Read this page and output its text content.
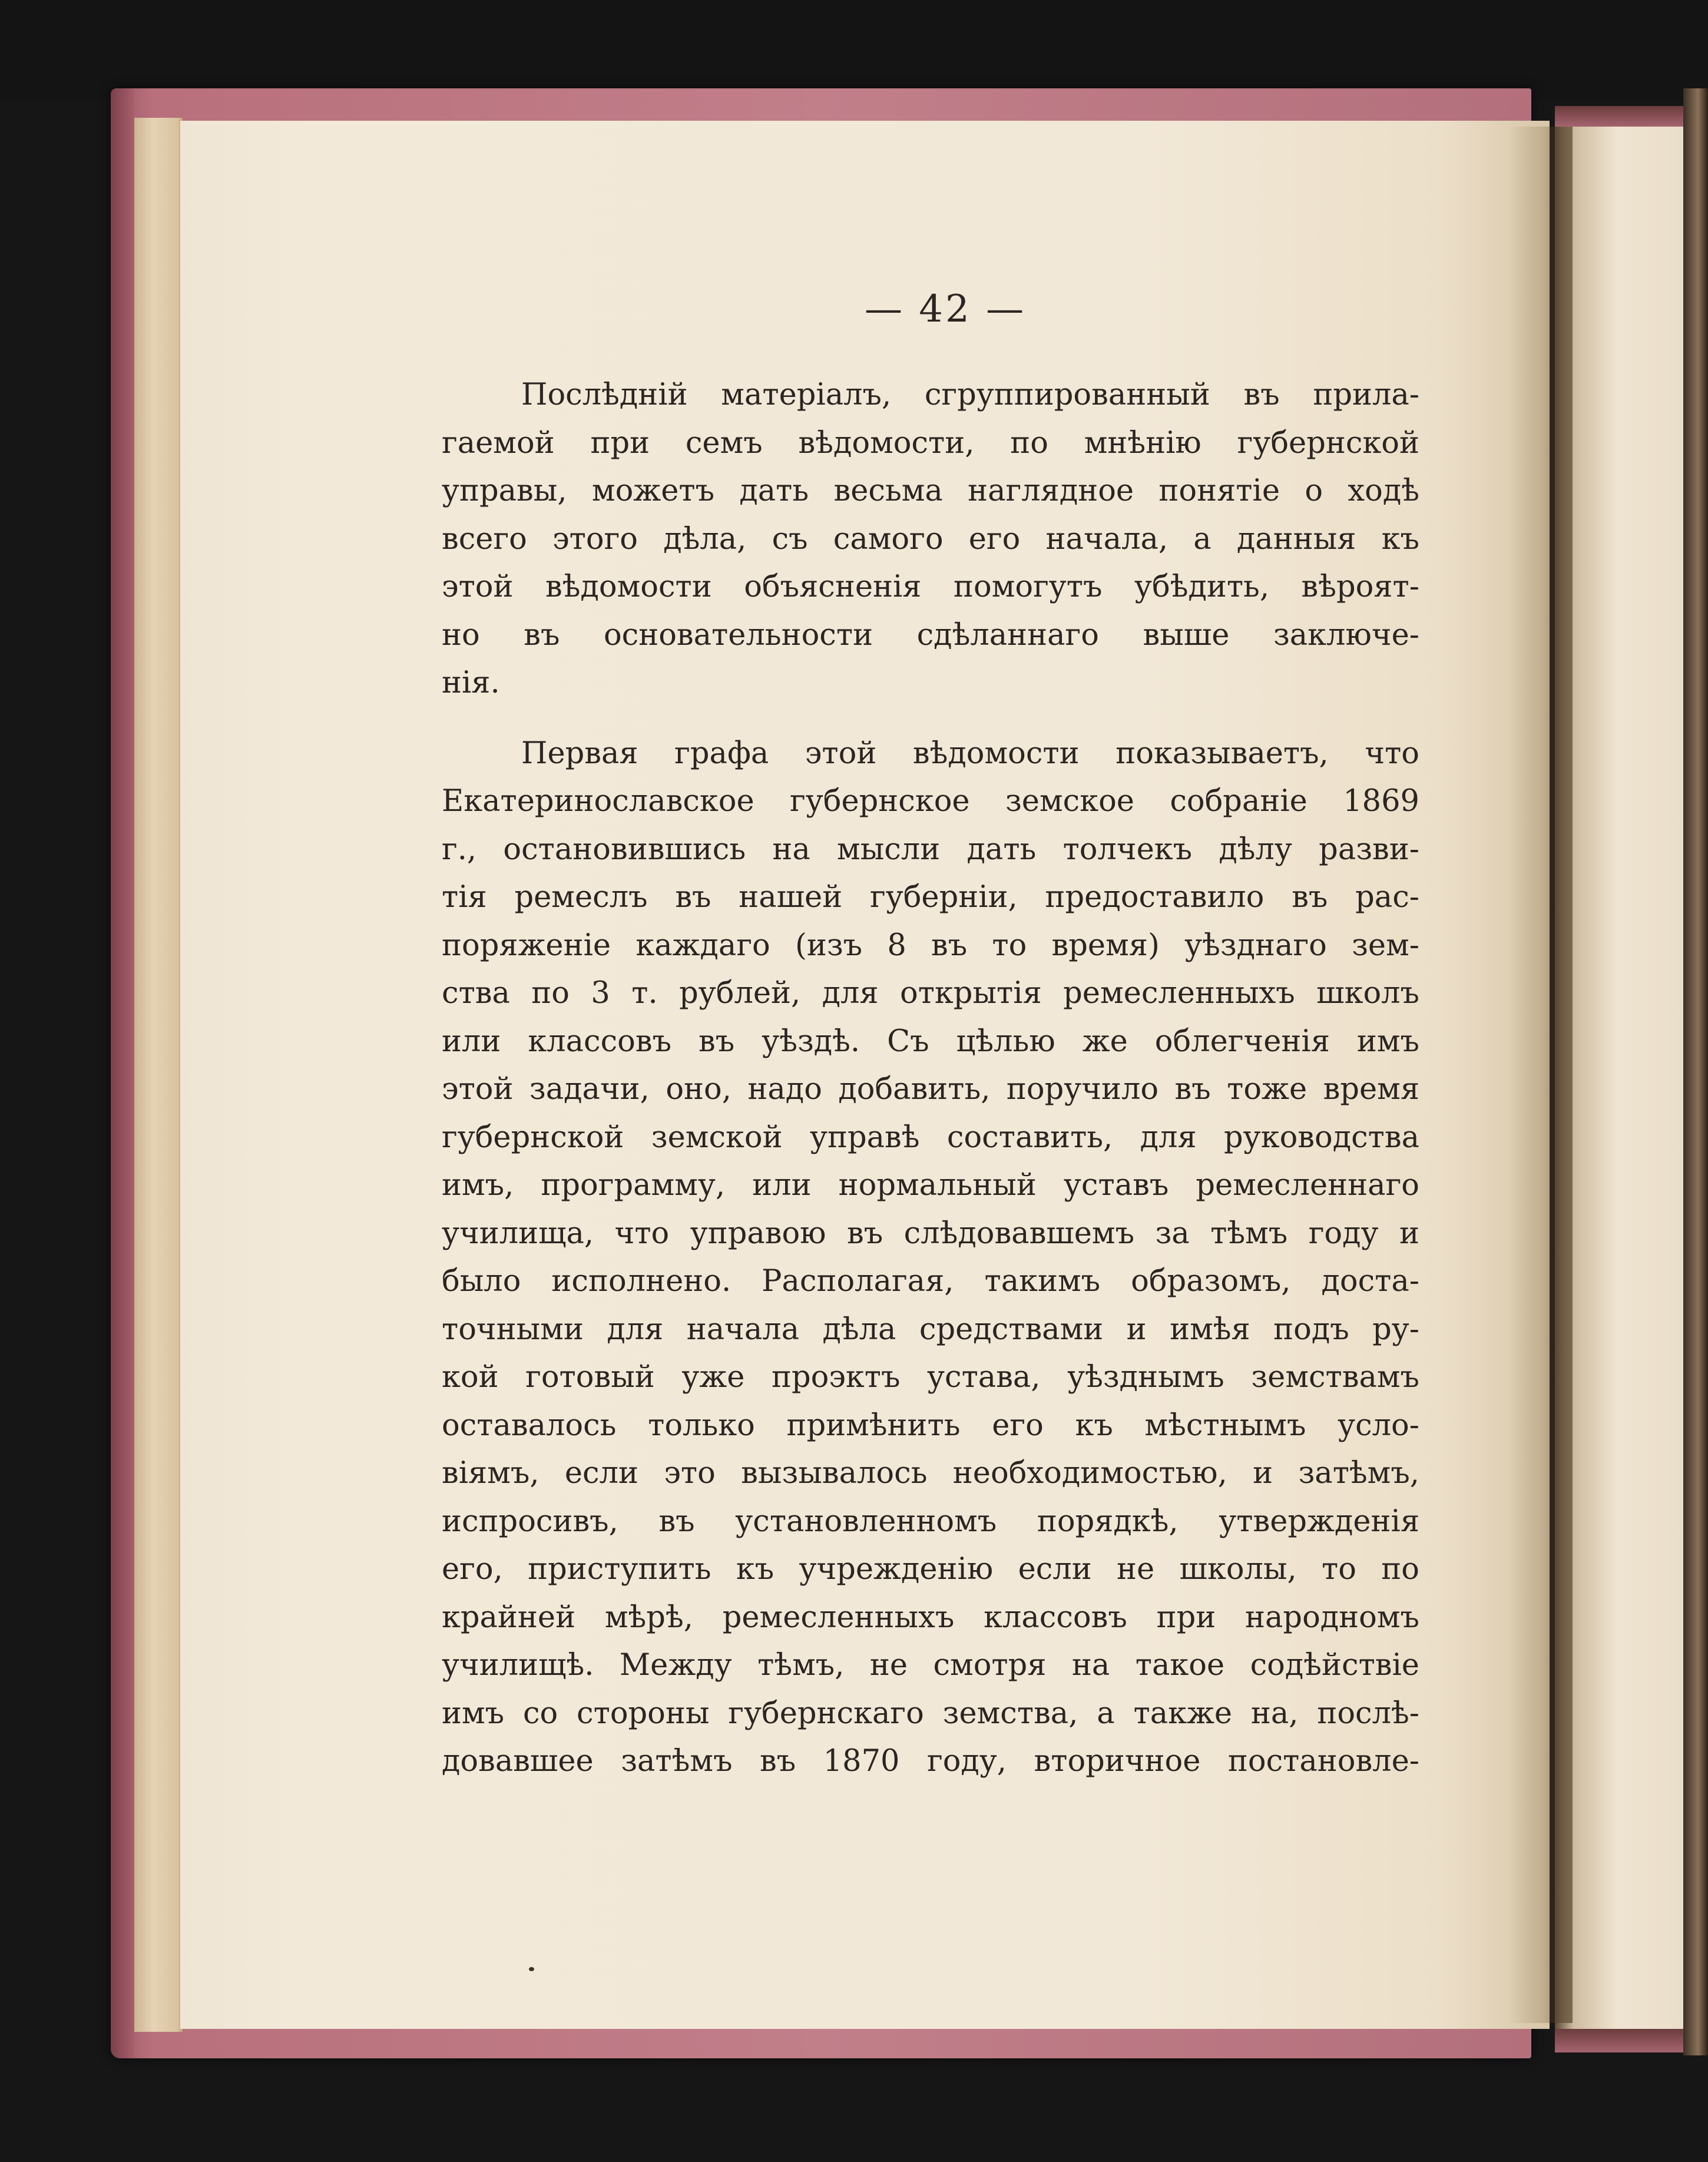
— 42 —

Послѣднiй матерiалъ, сгруппированный въ прила-
гаемой при семъ вѣдомости, по мнѣнiю губернской
управы, можетъ дать весьма наглядное понятiе о ходѣ
всего этого дѣла, съ самого его начала, а данныя къ
этой вѣдомости объясненiя помогутъ убѣдить, вѣроят-
но въ основательности сдѣланнаго выше заключе-
нiя.

Первая графа этой вѣдомости показываетъ, что
Екатеринославское губернское земское собранiе 1869
г., остановившись на мысли дать толчекъ дѣлу разви-
тiя ремеслъ въ нашей губернiи, предоставило въ рас-
поряженiе каждаго (изъ 8 въ то время) уѣзднаго зем-
ства по 3 т. рублей, для открытiя ремесленныхъ школъ
или классовъ въ уѣздѣ. Съ цѣлью же облегченiя имъ
этой задачи, оно, надо добавить, поручило въ тоже время
губернской земской управѣ составить, для руководства
имъ, программу, или нормальный уставъ ремесленнаго
училища, что управою въ слѣдовавшемъ за тѣмъ году и
было исполнено. Располагая, такимъ образомъ, доста-
точными для начала дѣла средствами и имѣя подъ ру-
кой готовый уже проэктъ устава, уѣзднымъ земствамъ
оставалось только примѣнить его къ мѣстнымъ усло-
вiямъ, если это вызывалось необходимостью, и затѣмъ,
испросивъ, въ установленномъ порядкѣ, утвержденiя
его, приступить къ учрежденiю если не школы, то по
крайней мѣрѣ, ремесленныхъ классовъ при народномъ
училищѣ. Между тѣмъ, не смотря на такое содѣйствiе
имъ со стороны губернскаго земства, а также на, послѣ-
довавшее затѣмъ въ 1870 году, вторичное постановле-
